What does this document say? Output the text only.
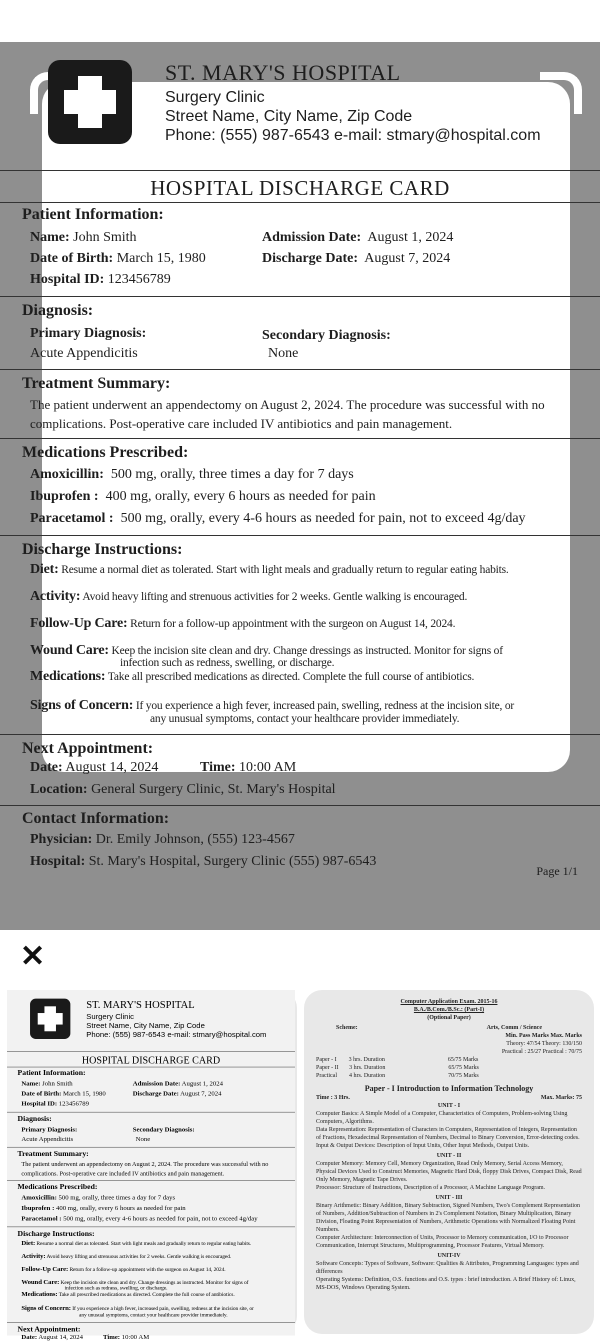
ST. MARY'S HOSPITAL
Surgery Clinic
Street Name, City Name, Zip Code
Phone: (555) 987-6543 e-mail: stmary@hospital.com
HOSPITAL DISCHARGE CARD
Patient Information:
Name: John Smith
Date of Birth: March 15, 1980
Hospital ID: 123456789
Admission Date: August 1, 2024
Discharge Date: August 7, 2024
Diagnosis:
Primary Diagnosis:
Acute Appendicitis
Secondary Diagnosis:
None
Treatment Summary:
The patient underwent an appendectomy on August 2, 2024. The procedure was successful with no complications. Post-operative care included IV antibiotics and pain management.
Medications Prescribed:
Amoxicillin: 500 mg, orally, three times a day for 7 days
Ibuprofen : 400 mg, orally, every 6 hours as needed for pain
Paracetamol : 500 mg, orally, every 4-6 hours as needed for pain, not to exceed 4g/day
Discharge Instructions:
Diet: Resume a normal diet as tolerated. Start with light meals and gradually return to regular eating habits.
Activity: Avoid heavy lifting and strenuous activities for 2 weeks. Gentle walking is encouraged.
Follow-Up Care: Return for a follow-up appointment with the surgeon on August 14, 2024.
Wound Care: Keep the incision site clean and dry. Change dressings as instructed. Monitor for signs of
infection such as redness, swelling, or discharge.
Medications: Take all prescribed medications as directed. Complete the full course of antibiotics.
Signs of Concern: If you experience a high fever, increased pain, swelling, redness at the incision site, or
any unusual symptoms, contact your healthcare provider immediately.
Next Appointment:
Date: August 14, 2024	Time: 10:00 AM
Location: General Surgery Clinic, St. Mary's Hospital
Contact Information:
Physician: Dr. Emily Johnson, (555) 123-4567
Hospital: St. Mary's Hospital, Surgery Clinic (555) 987-6543
Page 1/1
✕
ST. MARY'S HOSPITAL
Surgery Clinic
Street Name, City Name, Zip Code
Phone: (555) 987-6543 e-mail: stmary@hospital.com
HOSPITAL DISCHARGE CARD
Patient Information:
Name: John Smith
Date of Birth: March 15, 1980
Hospital ID: 123456789
Admission Date: August 1, 2024
Discharge Date: August 7, 2024
Diagnosis:
Primary Diagnosis:
Acute Appendicitis
Secondary Diagnosis:
None
Treatment Summary:
The patient underwent an appendectomy on August 2, 2024. The procedure was successful with no complications. Post-operative care included IV antibiotics and pain management.
Medications Prescribed:
Amoxicillin: 500 mg, orally, three times a day for 7 days
Ibuprofen : 400 mg, orally, every 6 hours as needed for pain
Paracetamol : 500 mg, orally, every 4-6 hours as needed for pain, not to exceed 4g/day
Discharge Instructions:
Diet: Resume a normal diet as tolerated. Start with light meals and gradually return to regular eating habits.
Activity: Avoid heavy lifting and strenuous activities for 2 weeks. Gentle walking is encouraged.
Follow-Up Care: Return for a follow-up appointment with the surgeon on August 14, 2024.
Wound Care: Keep the incision site clean and dry. Change dressings as instructed. Monitor for signs of
infection such as redness, swelling, or discharge.
Medications: Take all prescribed medications as directed. Complete the full course of antibiotics.
Signs of Concern: If you experience a high fever, increased pain, swelling, redness at the incision site, or
any unusual symptoms, contact your healthcare provider immediately.
Next Appointment:
Date: August 14, 2024 Time: 10:00 AM

Computer Application Exam. 2015-16

B.A./B.Com./B.Sc.: (Part-I)

(Optional Paper)

Scheme:	Arts, Comm / Science

Min. Pass Marks Max. Marks

Theory: 47/54 Theory: 130/150

Practical : 25/27 Practical : 70/75

Paper - I        3 hrs. Duration                                          65/75 Marks

Paper - II       3 hrs. Duration                                          65/75 Marks

Practical        4 hrs. Duration                                          70/75 Marks

Paper - I Introduction to Information Technology

Time : 3 Hrs.	Max. Marks: 75

UNIT - I

Computer Basics: A Simple Model of a Computer, Characteristics of Computers, Problem-solving Using Computers, Algorithms.

Data Representation: Representation of Characters in Computers, Representation of Integers, Representation of Fractions, Hexadecimal Representation of Numbers, Decimal to Binary Conversion, Error-detecting codes.

Input & Output Devices: Description of Input Units, Other Input Methods, Output Units.

UNIT - II

Computer Memory: Memory Cell, Memory Organization, Read Only Memory, Serial Access Memory, Physical Devices Used to Construct Memories, Magnetic Hard Disk, floppy Disk Drives, Compact Disk, Read Only Memory, Magnetic Tape Drives.

Processor: Structure of Instructions, Description of a Processor, A Machine Language Program.

UNIT - III

Binary Arithmetic: Binary Addition, Binary Subtraction, Signed Numbers, Two's Complement Representation of Numbers, Addition/Subtraction of Numbers in 2's Complement Notation, Binary Multiplication, Binary Division, Floating Point Representation of Numbers, Arithmetic Operations with Normalized Floating Point Numbers.

Computer Architecture: Interconnection of Units, Processor to Memory communication, I/O to Processor Communication, Interrupt Structures, Multiprogramming, Processor Features, Virtual Memory.

UNIT-IV

Software Concepts: Types of Software, Software: Qualities & Attributes, Programming Languages: types and differences

Operating Systems: Definition, O.S. functions and O.S. types : brief introduction. A Brief History of: Linux, MS-DOS, Windows Operating System.
